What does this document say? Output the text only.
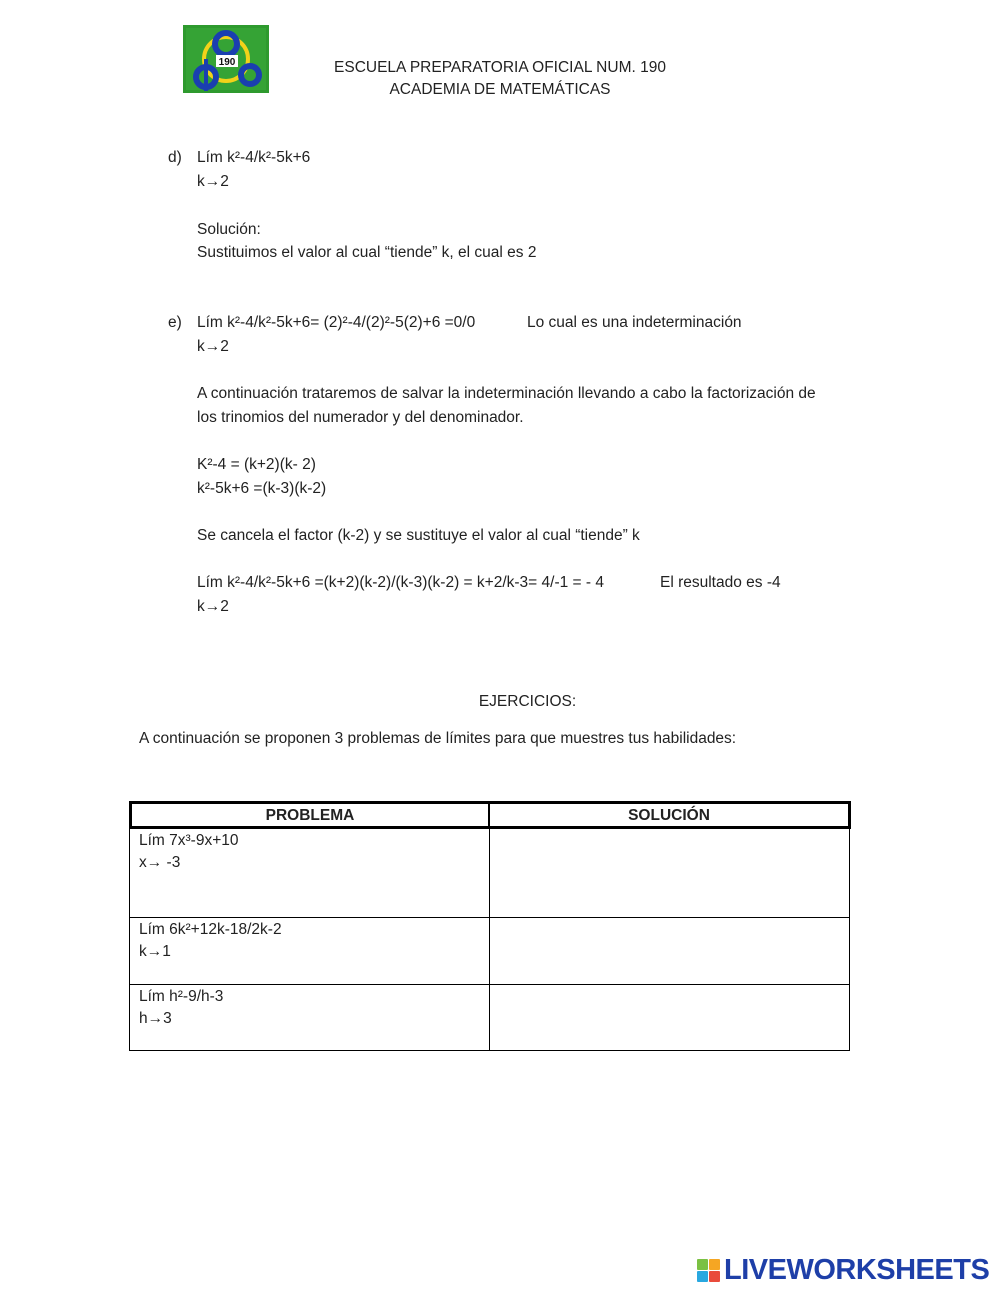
190	ESCUELA PREPARATORIA OFICIAL NUM. 190
ACADEMIA DE MATEMÁTICAS
d) Lím k²-4/k²-5k+6
k→2
Solución:
Sustituimos el valor al cual “tiende” k, el cual es 2
e) Lím k²-4/k²-5k+6= (2)²-4/(2)²-5(2)+6 =0/0	Lo cual es una indeterminación
k→2
A continuación trataremos de salvar la indeterminación llevando a cabo la factorización de
los trinomios del numerador y del denominador.
K²-4 = (k+2)(k- 2)
k²-5k+6 =(k-3)(k-2)
Se cancela el factor (k-2) y se sustituye el valor al cual “tiende” k
Lím k²-4/k²-5k+6 =(k+2)(k-2)/(k-3)(k-2) = k+2/k-3= 4/-1 = - 4	El resultado es -4
k→2
EJERCICIOS:
A continuación se proponen 3 problemas de límites para que muestres tus habilidades:
PROBLEMA	SOLUCIÓN
Lím 7x³-9x+10
x→ -3
Lím 6k²+12k-18/2k-2
k→1
Lím h²-9/h-3
h→3
LIVEWORKSHEETS
